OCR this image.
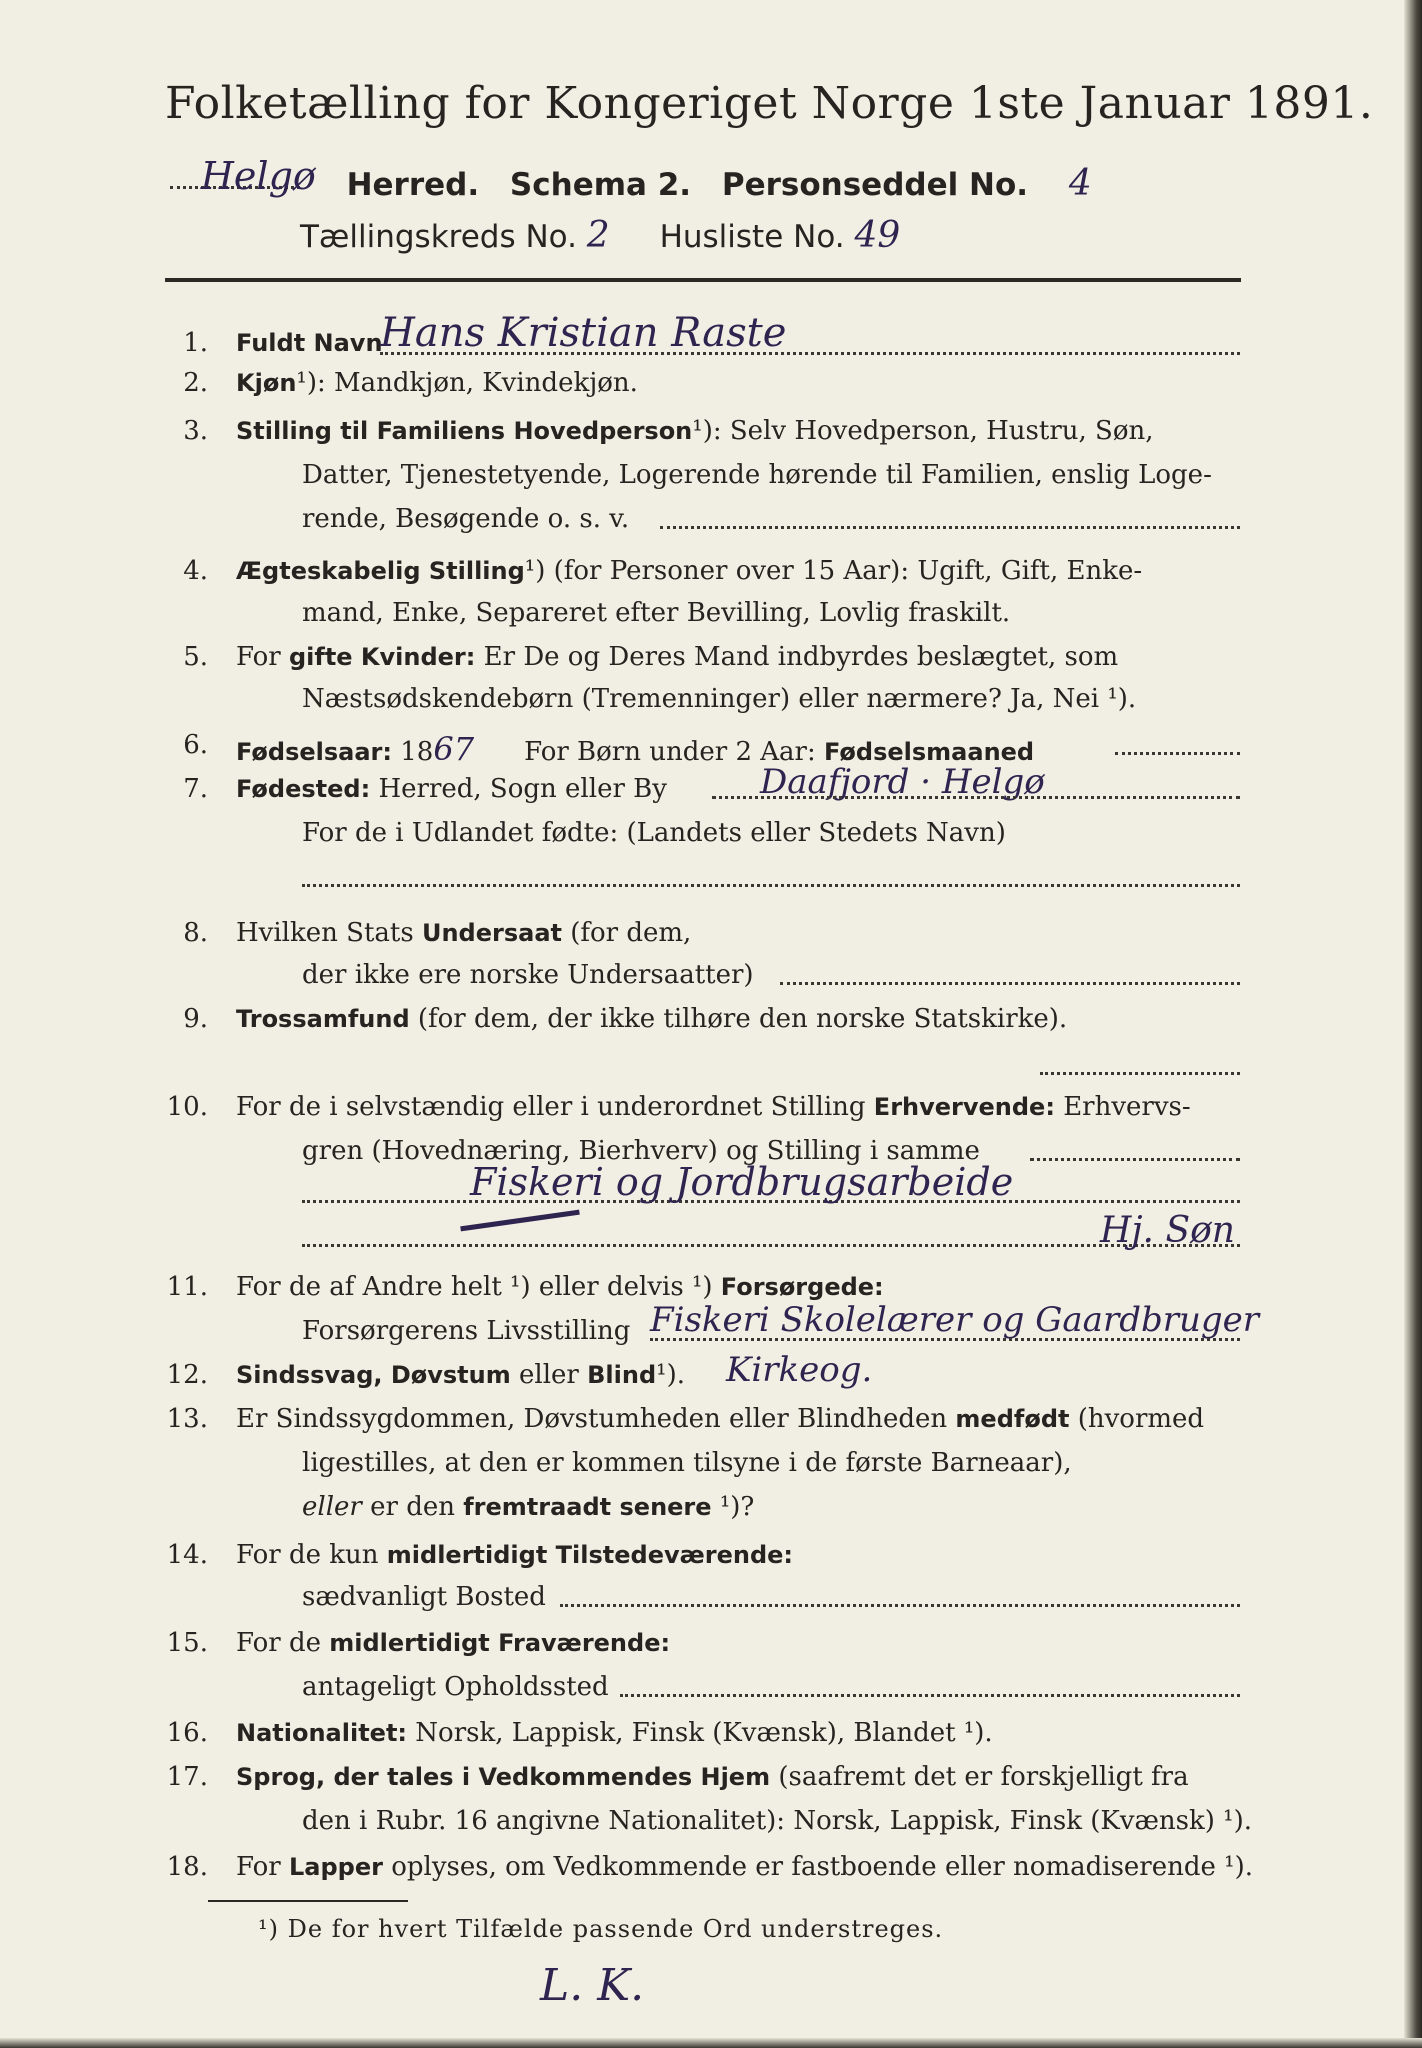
Folketælling for Kongeriget Norge 1ste Januar 1891.
Helgø Herred. Schema 2. Personseddel No. 4
Tællingskreds No. 2 Husliste No. 49
1. Fuldt Navn
Hans Kristian Raste
2. Kjøn¹): Mandkjøn, Kvindekjøn.
3. Stilling til Familiens Hovedperson¹): Selv Hovedperson, Hustru, Søn,
Datter, Tjenestetyende, Logerende hørende til Familien, enslig Loge-
rende, Besøgende o. s. v.
4. Ægteskabelig Stilling¹) (for Personer over 15 Aar): Ugift, Gift, Enke-
mand, Enke, Separeret efter Bevilling, Lovlig fraskilt.
5. For gifte Kvinder: Er De og Deres Mand indbyrdes beslægtet, som
Næstsødskendebørn (Tremenninger) eller nærmere? Ja, Nei ¹).
6. Fødselsaar: 1867 For Børn under 2 Aar: Fødselsmaaned
7. Fødested: Herred, Sogn eller By	Daafjord · Helgø
For de i Udlandet fødte: (Landets eller Stedets Navn)
8. Hvilken Stats Undersaat (for dem,
der ikke ere norske Undersaatter)
9. Trossamfund (for dem, der ikke tilhøre den norske Statskirke).
10. For de i selvstændig eller i underordnet Stilling Erhvervende: Erhvervs-
gren (Hovednæring, Bierhverv) og Stilling i samme
Fiskeri og Jordbrugsarbeide
Hj. Søn
11. For de af Andre helt ¹) eller delvis ¹) Forsørgede:
Forsørgerens Livsstilling Fiskeri Skolelærer og Gaardbruger
12. Sindssvag, Døvstum eller Blind¹). Kirkeog.
13. Er Sindssygdommen, Døvstumheden eller Blindheden medfødt (hvormed
ligestilles, at den er kommen tilsyne i de første Barneaar),
eller er den fremtraadt senere ¹)?
14. For de kun midlertidigt Tilstedeværende:
sædvanligt Bosted
15. For de midlertidigt Fraværende:
antageligt Opholdssted
16. Nationalitet: Norsk, Lappisk, Finsk (Kvænsk), Blandet ¹).
17. Sprog, der tales i Vedkommendes Hjem (saafremt det er forskjelligt fra
den i Rubr. 16 angivne Nationalitet): Norsk, Lappisk, Finsk (Kvænsk) ¹).
18. For Lapper oplyses, om Vedkommende er fastboende eller nomadiserende ¹).
¹) De for hvert Tilfælde passende Ord understreges.
L. K.
